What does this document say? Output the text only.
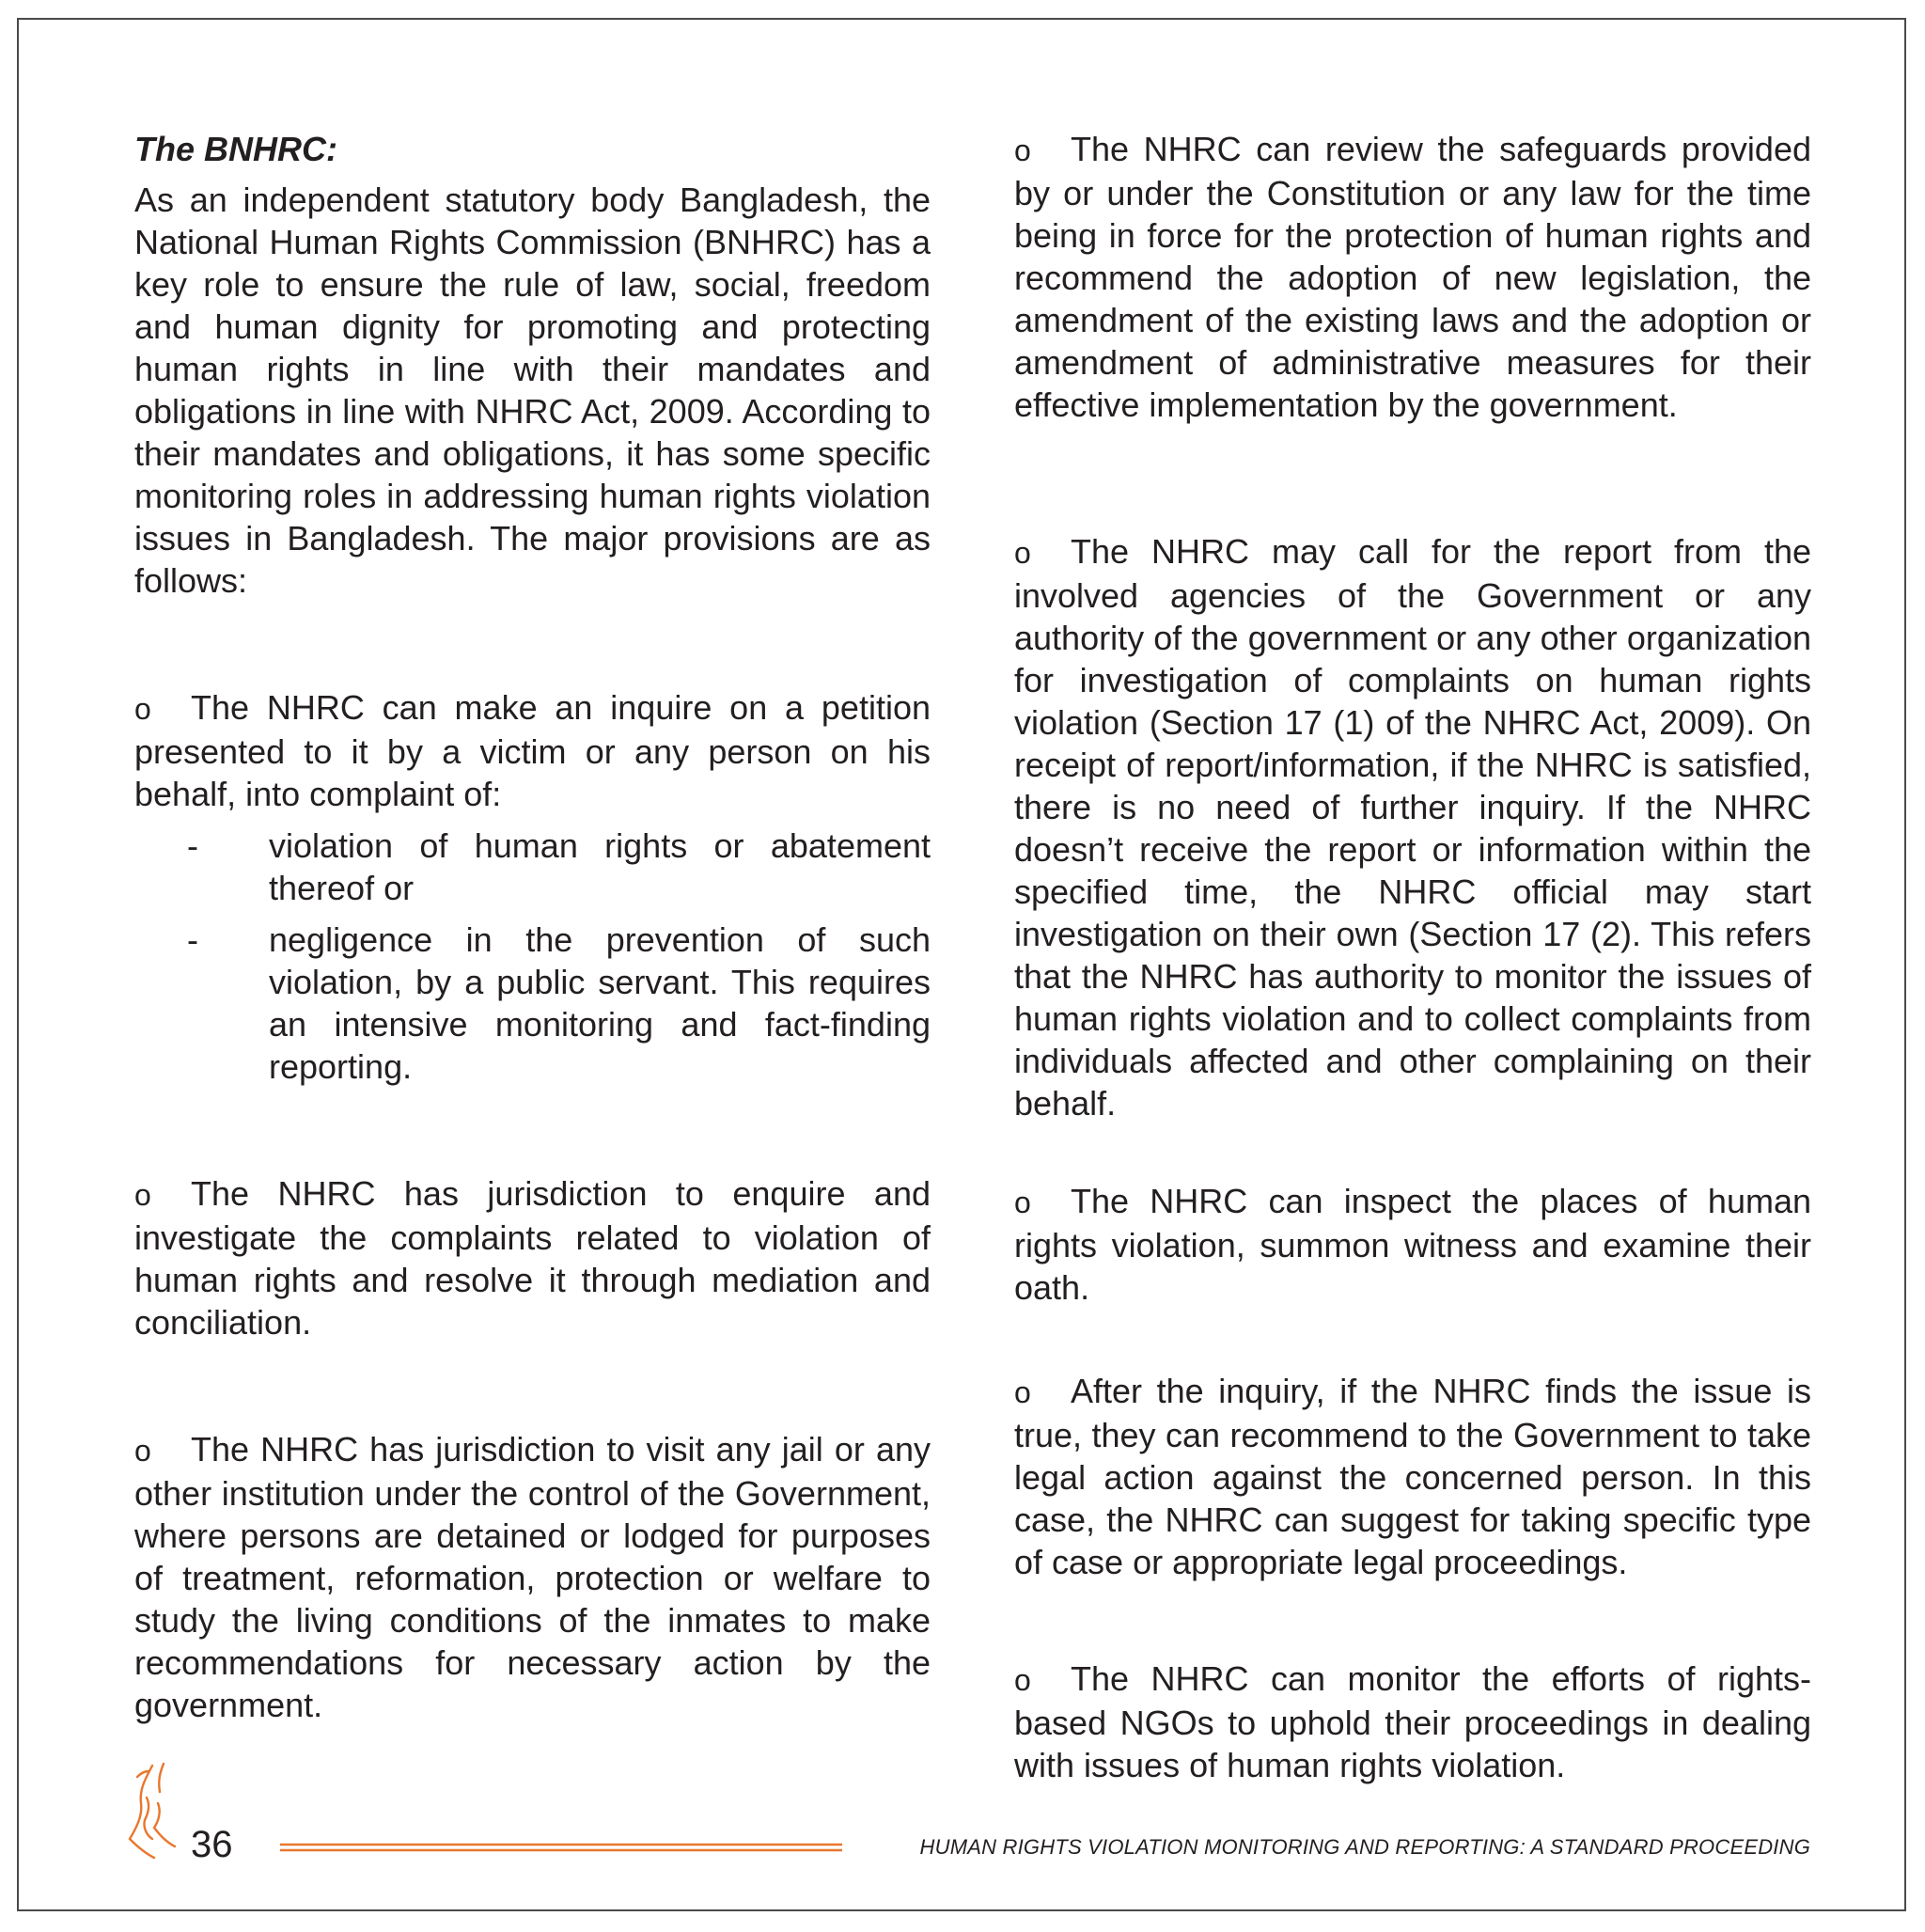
The BNHRC:

As an independent statutory body Bangladesh, the National Human Rights Commission (BNHRC) has a key role to ensure the rule of law, social, freedom and human dignity for promoting and protecting human rights in line with their mandates and obligations in line with NHRC Act, 2009. According to their mandates and obligations, it has some specific monitoring roles in addressing human rights violation issues in Bangladesh. The major provisions are as follows:

o The NHRC can make an inquire on a petition presented to it by a victim or any person on his behalf, into complaint of:

- violation of human rights or abatement thereof or
- negligence in the prevention of such violation, by a public servant. This requires an intensive monitoring and fact-finding reporting.

o The NHRC has jurisdiction to enquire and investigate the complaints related to violation of human rights and resolve it through mediation and conciliation.

o The NHRC has jurisdiction to visit any jail or any other institution under the control of the Government, where persons are detained or lodged for purposes of treatment, reformation, protection or welfare to study the living conditions of the inmates to make recommendations for necessary action by the government.

o The NHRC can review the safeguards provided by or under the Constitution or any law for the time being in force for the protection of human rights and recommend the adoption of new legislation, the amendment of the existing laws and the adoption or amendment of administrative measures for their effective implementation by the government.

o The NHRC may call for the report from the involved agencies of the Government or any authority of the government or any other organization for investigation of complaints on human rights violation (Section 17 (1) of the NHRC Act, 2009). On receipt of report/information, if the NHRC is satisfied, there is no need of further inquiry. If the NHRC doesn’t receive the report or information within the specified time, the NHRC official may start investigation on their own (Section 17 (2). This refers that the NHRC has authority to monitor the issues of human rights violation and to collect complaints from individuals affected and other complaining on their behalf.

o The NHRC can inspect the places of human rights violation, summon witness and examine their oath.

o After the inquiry, if the NHRC finds the issue is true, they can recommend to the Government to take legal action against the concerned person. In this case, the NHRC can suggest for taking specific type of case or appropriate legal proceedings.

o The NHRC can monitor the efforts of rights-based NGOs to uphold their proceedings in dealing with issues of human rights violation.

36	HUMAN RIGHTS VIOLATION MONITORING AND REPORTING: A STANDARD PROCEEDING
